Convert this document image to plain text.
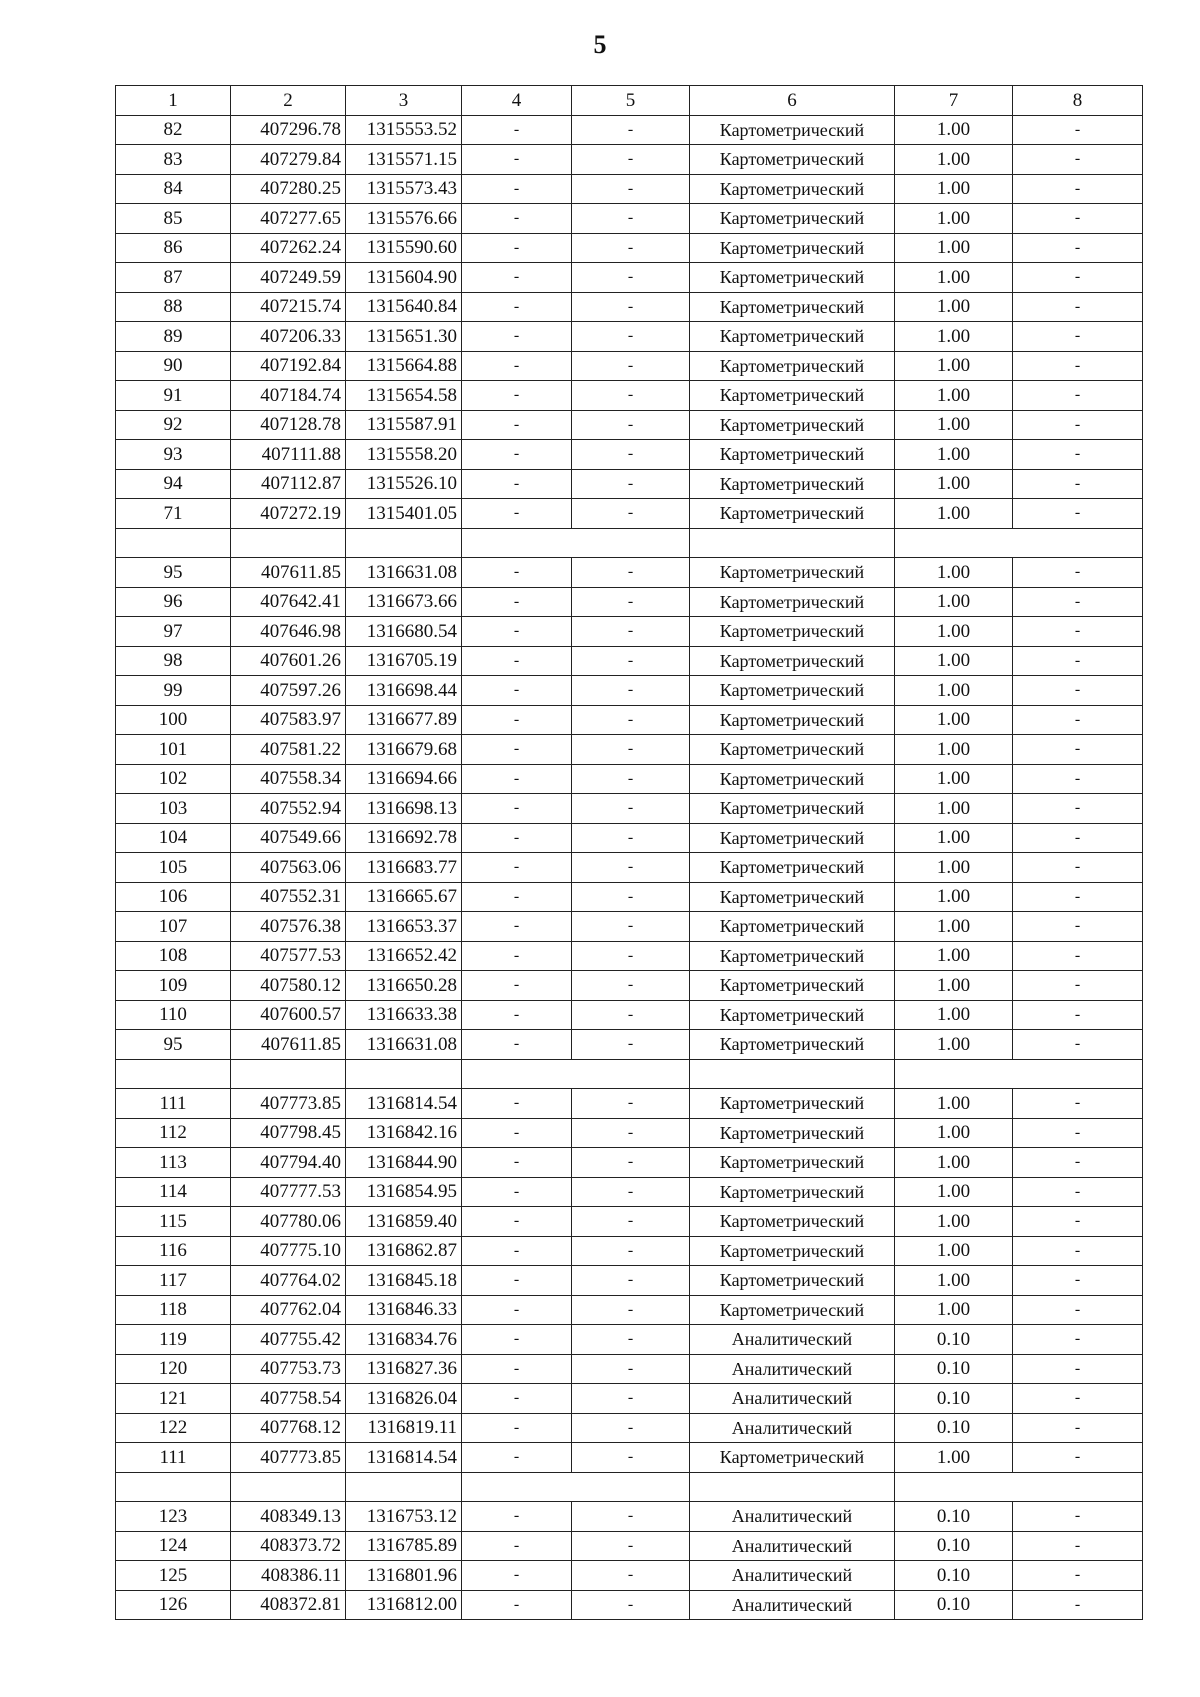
5
1	2	3	4	5	6	7	8
82	407296.78	1315553.52	-	-	Картометрический	1.00	-
83	407279.84	1315571.15	-	-	Картометрический	1.00	-
84	407280.25	1315573.43	-	-	Картометрический	1.00	-
85	407277.65	1315576.66	-	-	Картометрический	1.00	-
86	407262.24	1315590.60	-	-	Картометрический	1.00	-
87	407249.59	1315604.90	-	-	Картометрический	1.00	-
88	407215.74	1315640.84	-	-	Картометрический	1.00	-
89	407206.33	1315651.30	-	-	Картометрический	1.00	-
90	407192.84	1315664.88	-	-	Картометрический	1.00	-
91	407184.74	1315654.58	-	-	Картометрический	1.00	-
92	407128.78	1315587.91	-	-	Картометрический	1.00	-
93	407111.88	1315558.20	-	-	Картометрический	1.00	-
94	407112.87	1315526.10	-	-	Картометрический	1.00	-
71	407272.19	1315401.05	-	-	Картометрический	1.00	-

95	407611.85	1316631.08	-	-	Картометрический	1.00	-
96	407642.41	1316673.66	-	-	Картометрический	1.00	-
97	407646.98	1316680.54	-	-	Картометрический	1.00	-
98	407601.26	1316705.19	-	-	Картометрический	1.00	-
99	407597.26	1316698.44	-	-	Картометрический	1.00	-
100	407583.97	1316677.89	-	-	Картометрический	1.00	-
101	407581.22	1316679.68	-	-	Картометрический	1.00	-
102	407558.34	1316694.66	-	-	Картометрический	1.00	-
103	407552.94	1316698.13	-	-	Картометрический	1.00	-
104	407549.66	1316692.78	-	-	Картометрический	1.00	-
105	407563.06	1316683.77	-	-	Картометрический	1.00	-
106	407552.31	1316665.67	-	-	Картометрический	1.00	-
107	407576.38	1316653.37	-	-	Картометрический	1.00	-
108	407577.53	1316652.42	-	-	Картометрический	1.00	-
109	407580.12	1316650.28	-	-	Картометрический	1.00	-
110	407600.57	1316633.38	-	-	Картометрический	1.00	-
95	407611.85	1316631.08	-	-	Картометрический	1.00	-

111	407773.85	1316814.54	-	-	Картометрический	1.00	-
112	407798.45	1316842.16	-	-	Картометрический	1.00	-
113	407794.40	1316844.90	-	-	Картометрический	1.00	-
114	407777.53	1316854.95	-	-	Картометрический	1.00	-
115	407780.06	1316859.40	-	-	Картометрический	1.00	-
116	407775.10	1316862.87	-	-	Картометрический	1.00	-
117	407764.02	1316845.18	-	-	Картометрический	1.00	-
118	407762.04	1316846.33	-	-	Картометрический	1.00	-
119	407755.42	1316834.76	-	-	Аналитический	0.10	-
120	407753.73	1316827.36	-	-	Аналитический	0.10	-
121	407758.54	1316826.04	-	-	Аналитический	0.10	-
122	407768.12	1316819.11	-	-	Аналитический	0.10	-
111	407773.85	1316814.54	-	-	Картометрический	1.00	-

123	408349.13	1316753.12	-	-	Аналитический	0.10	-
124	408373.72	1316785.89	-	-	Аналитический	0.10	-
125	408386.11	1316801.96	-	-	Аналитический	0.10	-
126	408372.81	1316812.00	-	-	Аналитический	0.10	-
